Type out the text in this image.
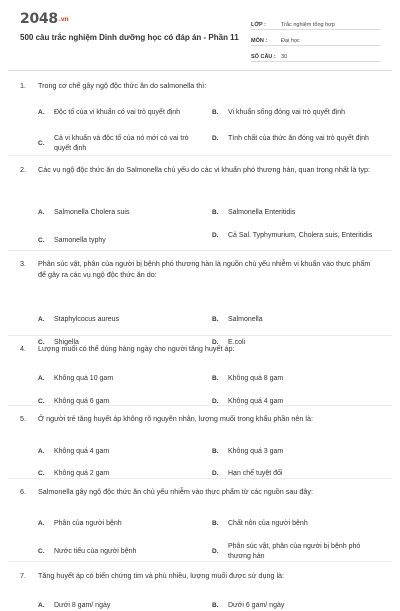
2048.vn
500 câu trắc nghiệm Dinh dưỡng học có đáp án - Phần 11
LỚP :	Trắc nghiệm tổng hợp
MÔN :	Đại học
SỐ CÂU : 30
1.	Trong cơ chế gây ngộ độc thức ăn do salmonella thì:
A.	Độc tố của vi khuẩn có vai trò quyết định	B.	Vi khuẩn sống đóng vai trò quyết định
C.
Cả vi khuẩn và độc tố của nó mới có vai trò quyết định
D.	Tính chất của thức ăn đóng vai trò quyết định
2.	Các vụ ngộ độc thức ăn do Salmonella chủ yếu do các vi khuẩn phó thương hàn, quan trọng nhất là typ:
A.	Salmonella Cholera suis	B.	Salmonella Enteritidis
C.	Samonella typhy
D.	Cả Sal. Typhymurium, Cholera suis, Enteritidis
3.	Phân súc vật, phân của người bị bệnh phó thương hàn là nguồn chủ yếu nhiễm vi khuẩn vào thực phẩm để gây ra các vụ ngộ độc thức ăn do:
A.	Staphylcocus aureus	B.	Salmonella
C.	Shigella	D.	E.coli
4.	Lượng muối có thể dùng hàng ngày cho người tăng huyết áp:
A.	Không quá 10 gam	B.	Không quá 8 gam
C.	Không quá 6 gam	D.	Không quá 4 gam
5.	Ở người trẻ tăng huyết áp không rõ nguyên nhân, lượng muối trong khẩu phần nên là:
A.	Không quá 4 gam	B.	Không quá 3 gam
C.	Không quá 2 gam	D.	Hạn chế tuyệt đối
6.	Salmonella gây ngộ độc thức ăn chủ yếu nhiễm vào thực phẩm từ các nguồn sau đây:
A.	Phân của người bệnh	B.	Chất nôn của người bệnh
C.	Nước tiểu của người bệnh	D.
Phân súc vật, phân của người bị bệnh phó thương hàn
7.	Tăng huyết áp có biến chứng tim và phù nhiều, lượng muối được sử dụng là:
A.	Dưới 8 gam/ ngày	B.	Dưới 6 gam/ ngày
